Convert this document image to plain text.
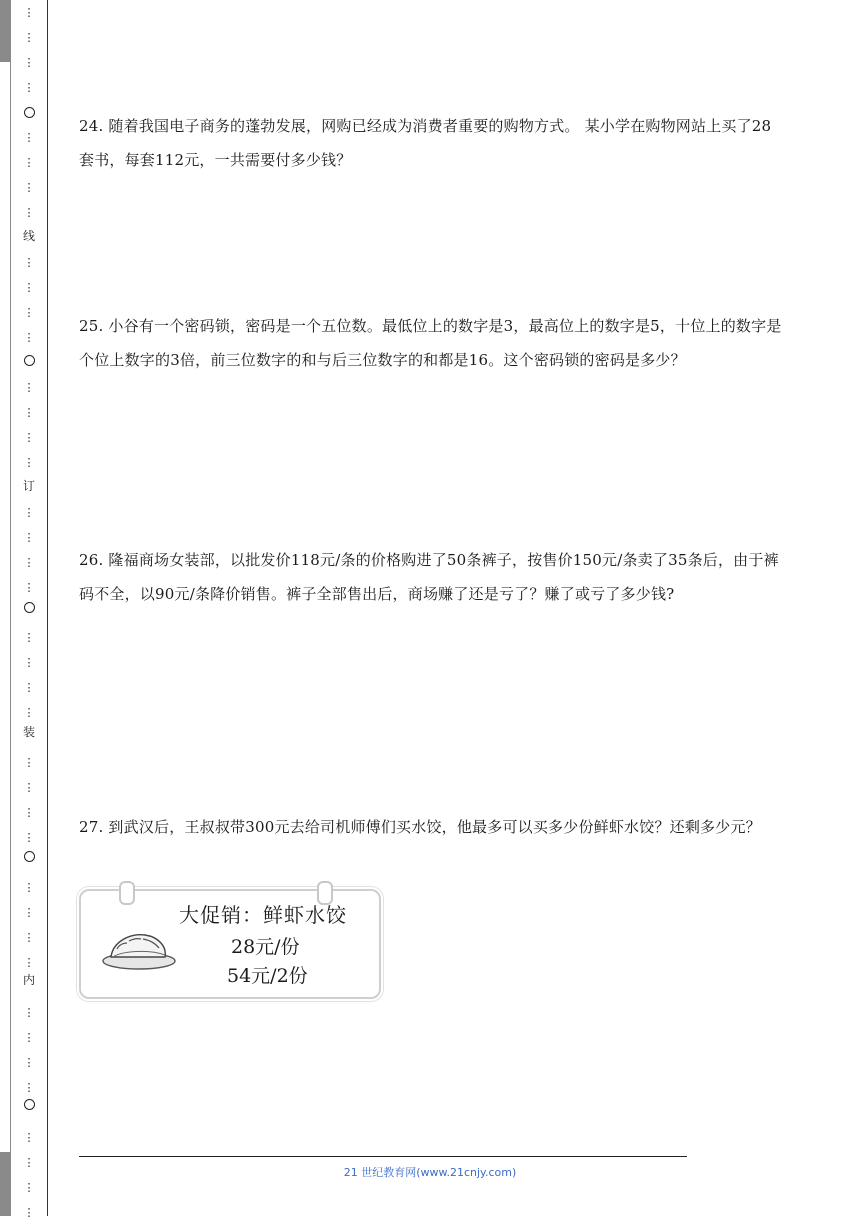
线
订
装
内
⋮
⋮
⋮
⋮
⋮
⋮
⋮
⋮
⋮
⋮
⋮
⋮
⋮
⋮
⋮
⋮
⋮
⋮
⋮
⋮
⋮
⋮
⋮
⋮
⋮
⋮
⋮
⋮
⋮
⋮
⋮
⋮
⋮
⋮
⋮
⋮
⋮
⋮
⋮
⋮
24. 随着我国电子商务的蓬勃发展，网购已经成为消费者重要的购物方式。 某小学在购物网站上买了28套书，每套112元，一共需要付多少钱？
25. 小谷有一个密码锁，密码是一个五位数。最低位上的数字是3，最高位上的数字是5，十位上的数字是个位上数字的3倍，前三位数字的和与后三位数字的和都是16。这个密码锁的密码是多少？
26. 隆福商场女装部，以批发价118元/条的价格购进了50条裤子，按售价150元/条卖了35条后，由于裤码不全，以90元/条降价销售。裤子全部售出后，商场赚了还是亏了？赚了或亏了多少钱?
27. 到武汉后，王叔叔带300元去给司机师傅们买水饺，他最多可以买多少份鲜虾水饺？还剩多少元？
大促销：鲜虾水饺
28元/份
54元/2份
21 世纪教育网(www.21cnjy.com)
